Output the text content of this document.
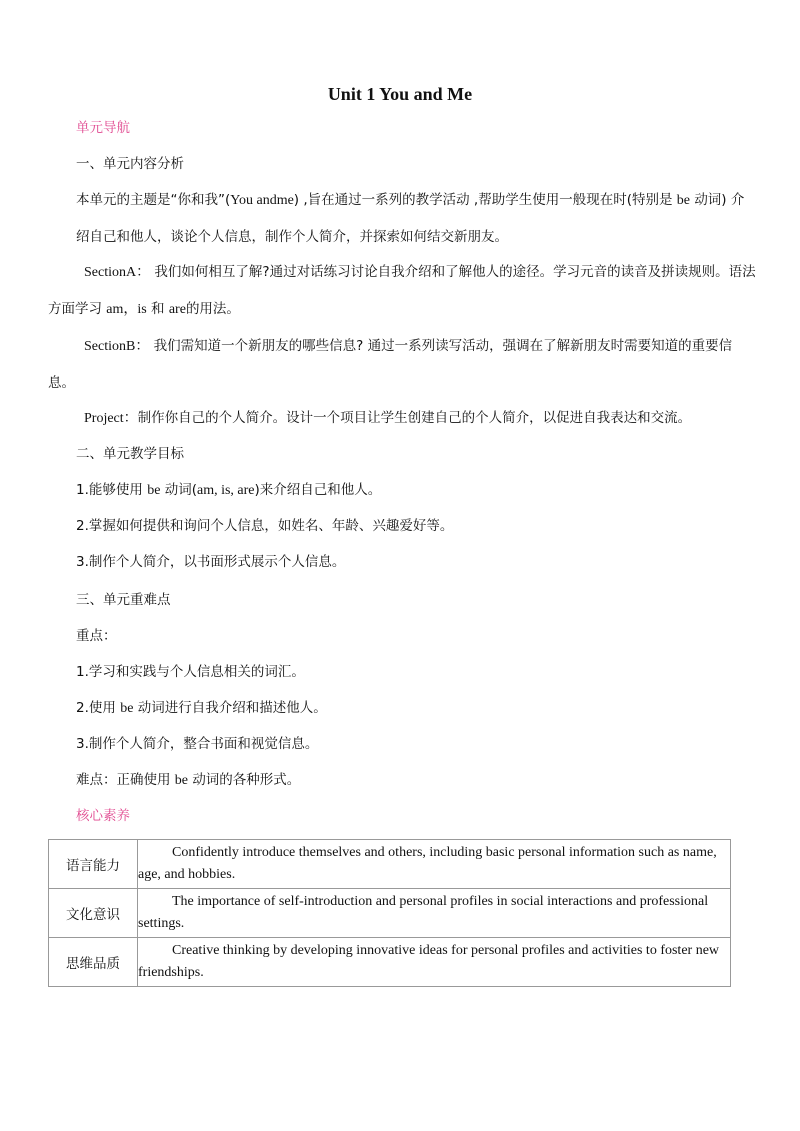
Unit 1 You and Me

单元导航

一、单元内容分析

本单元的主题是“你和我”(You andme) ,旨在通过一系列的教学活动 ,帮助学生使用一般现在时(特别是 be 动词) 介绍自己和他人，谈论个人信息，制作个人简介，并探索如何结交新朋友。

SectionA： 我们如何相互了解?通过对话练习讨论自我介绍和了解他人的途径。学习元音的读音及拼读规则。语法方面学习 am，is 和 are的用法。

SectionB： 我们需知道一个新朋友的哪些信息? 通过一系列读写活动，强调在了解新朋友时需要知道的重要信息。

Project：制作你自己的个人简介。设计一个项目让学生创建自己的个人简介，以促进自我表达和交流。

二、单元教学目标

1.能够使用 be 动词(am, is, are)来介绍自己和他人。

2.掌握如何提供和询问个人信息，如姓名、年龄、兴趣爱好等。

3.制作个人简介，以书面形式展示个人信息。

三、单元重难点

重点：

1.学习和实践与个人信息相关的词汇。

2.使用 be 动词进行自我介绍和描述他人。

3.制作个人简介，整合书面和视觉信息。

难点：正确使用 be 动词的各种形式。

核心素养

语言能力	Confidently introduce themselves and others, including basic personal information such as name, age, and hobbies.
文化意识	The importance of self-introduction and personal profiles in social interactions and professional settings.
思维品质	Creative thinking by developing innovative ideas for personal profiles and activities to foster new friendships.
